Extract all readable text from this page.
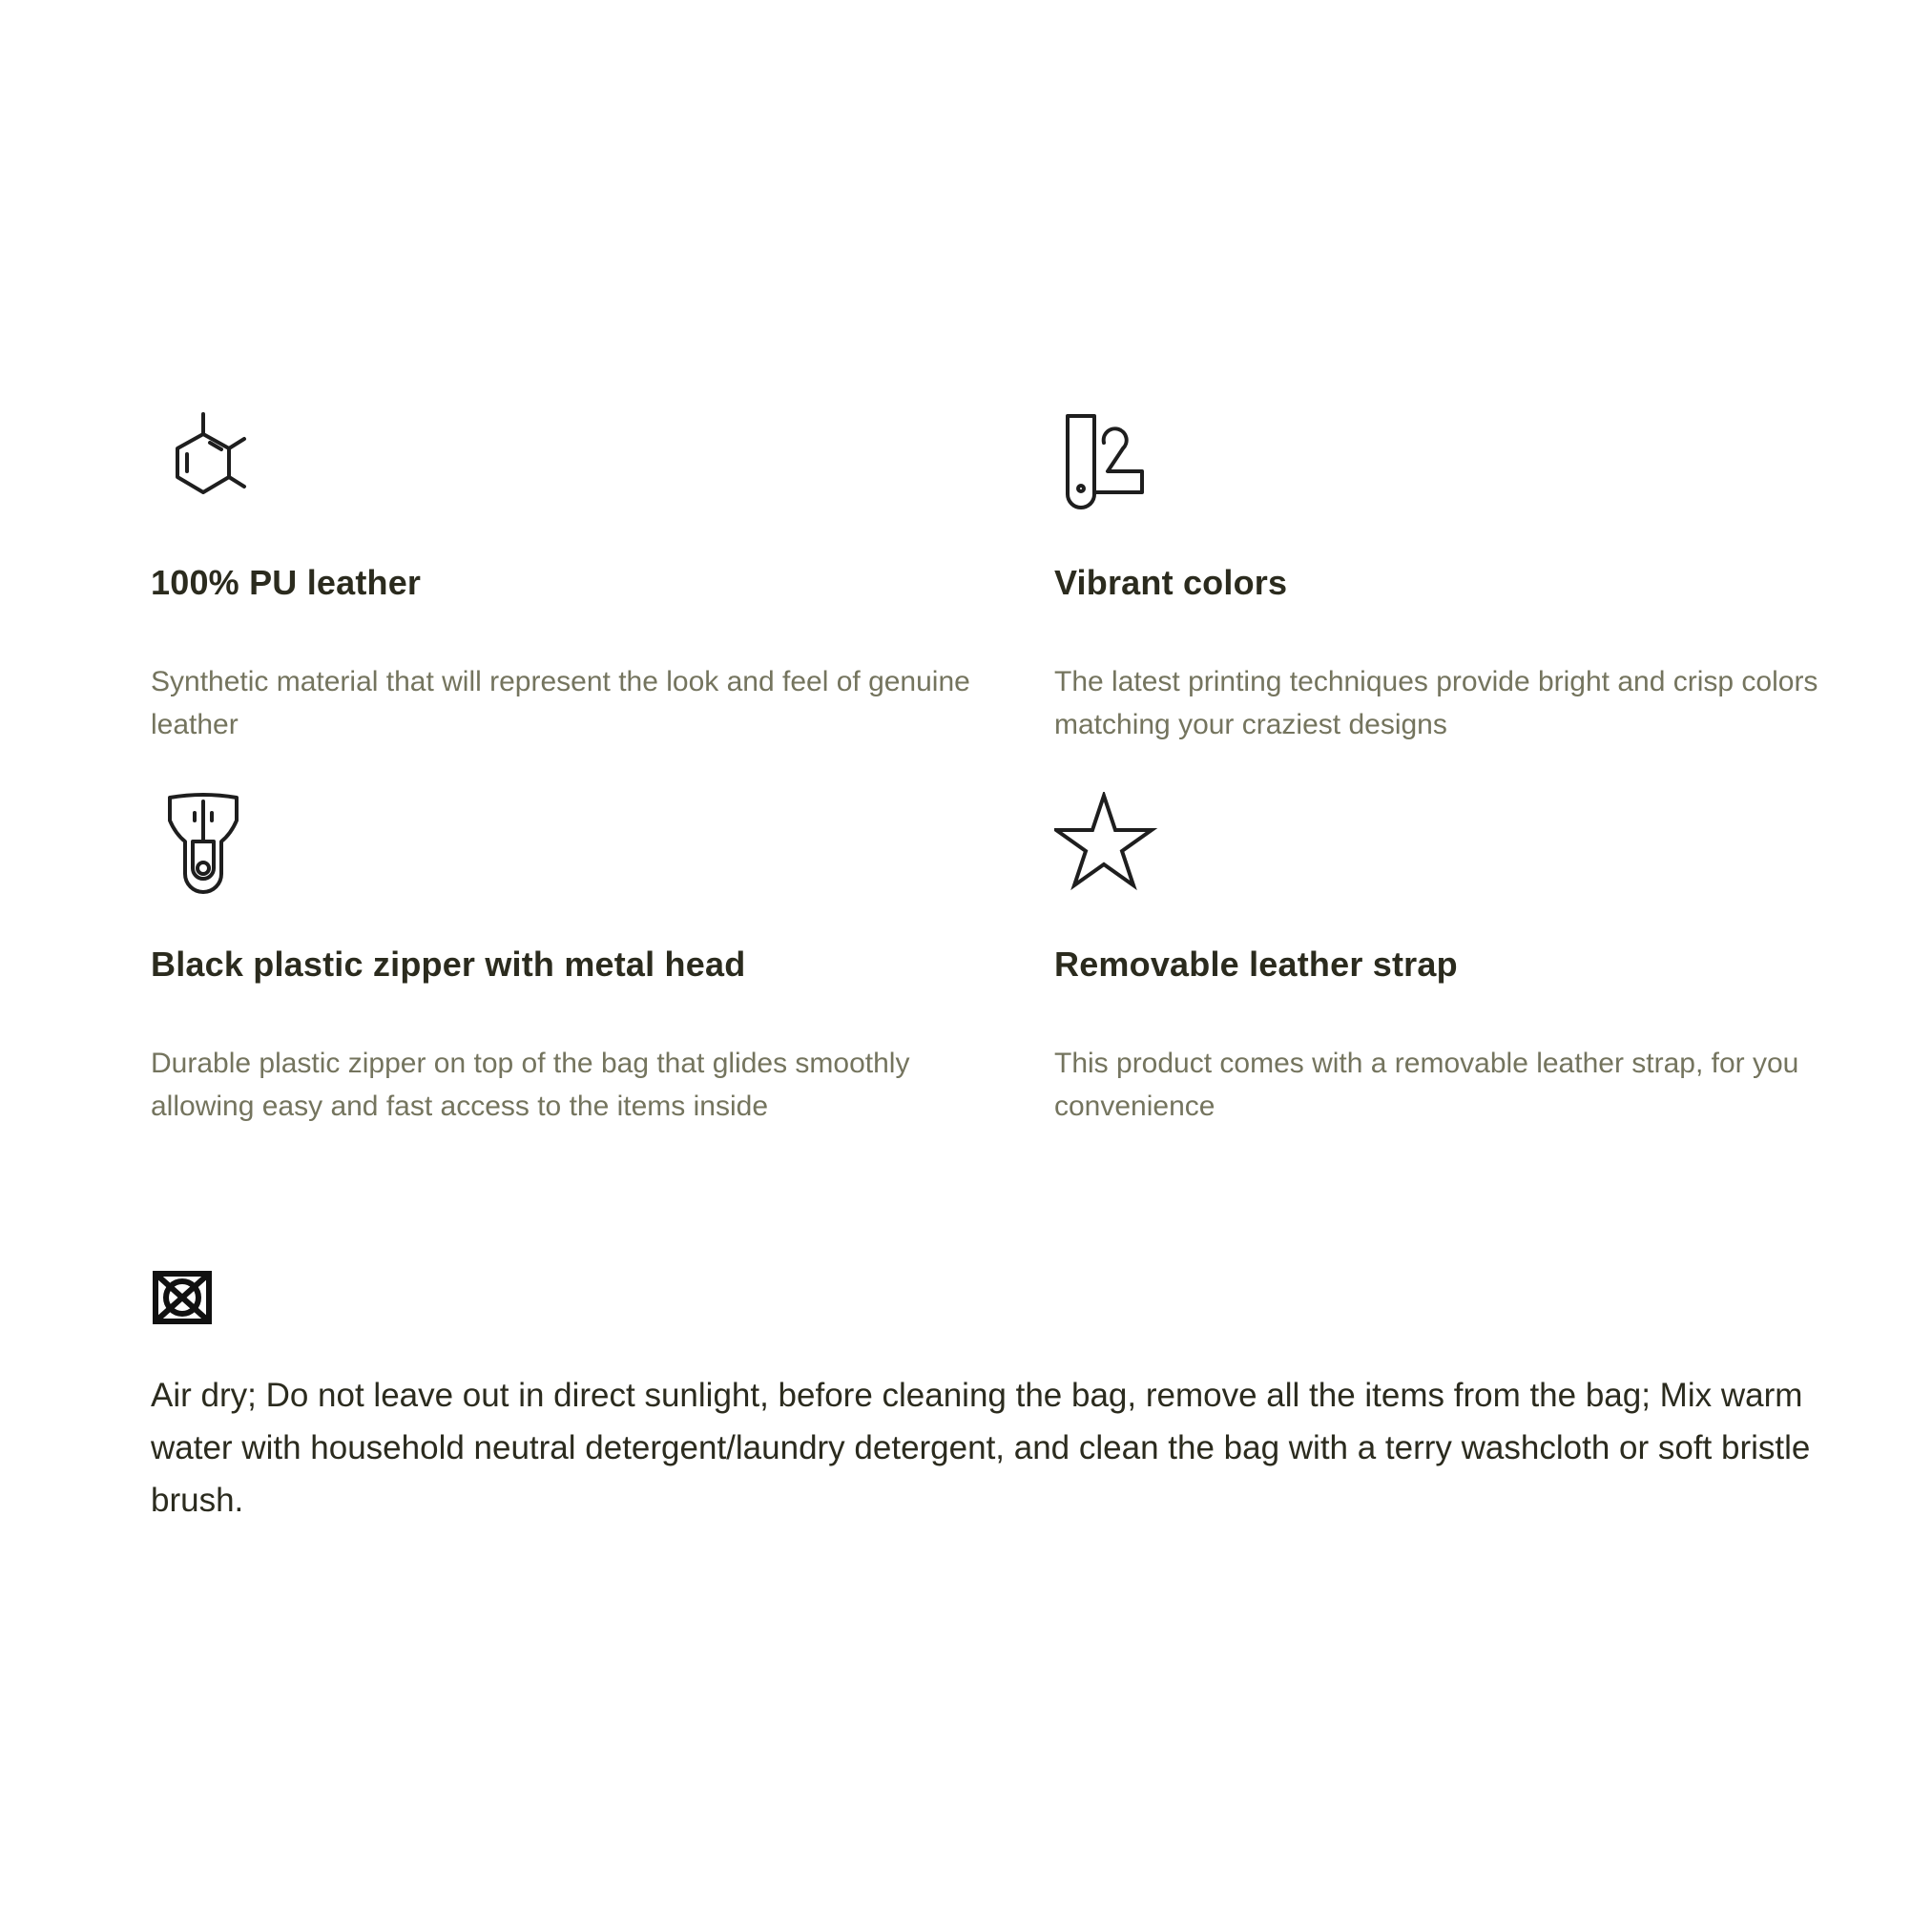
100% PU leather

Synthetic material that will represent the look and feel of genuine leather

Vibrant colors

The latest printing techniques provide bright and crisp colors matching your craziest designs

Black plastic zipper with metal head

Durable plastic zipper on top of the bag that glides smoothly allowing easy and fast access to the items inside

Removable leather strap

This product comes with a removable leather strap, for you convenience

Air dry; Do not leave out in direct sunlight, before cleaning the bag, remove all the items from the bag; Mix warm water with household neutral detergent/laundry detergent, and clean the bag with a terry washcloth or soft bristle brush.
